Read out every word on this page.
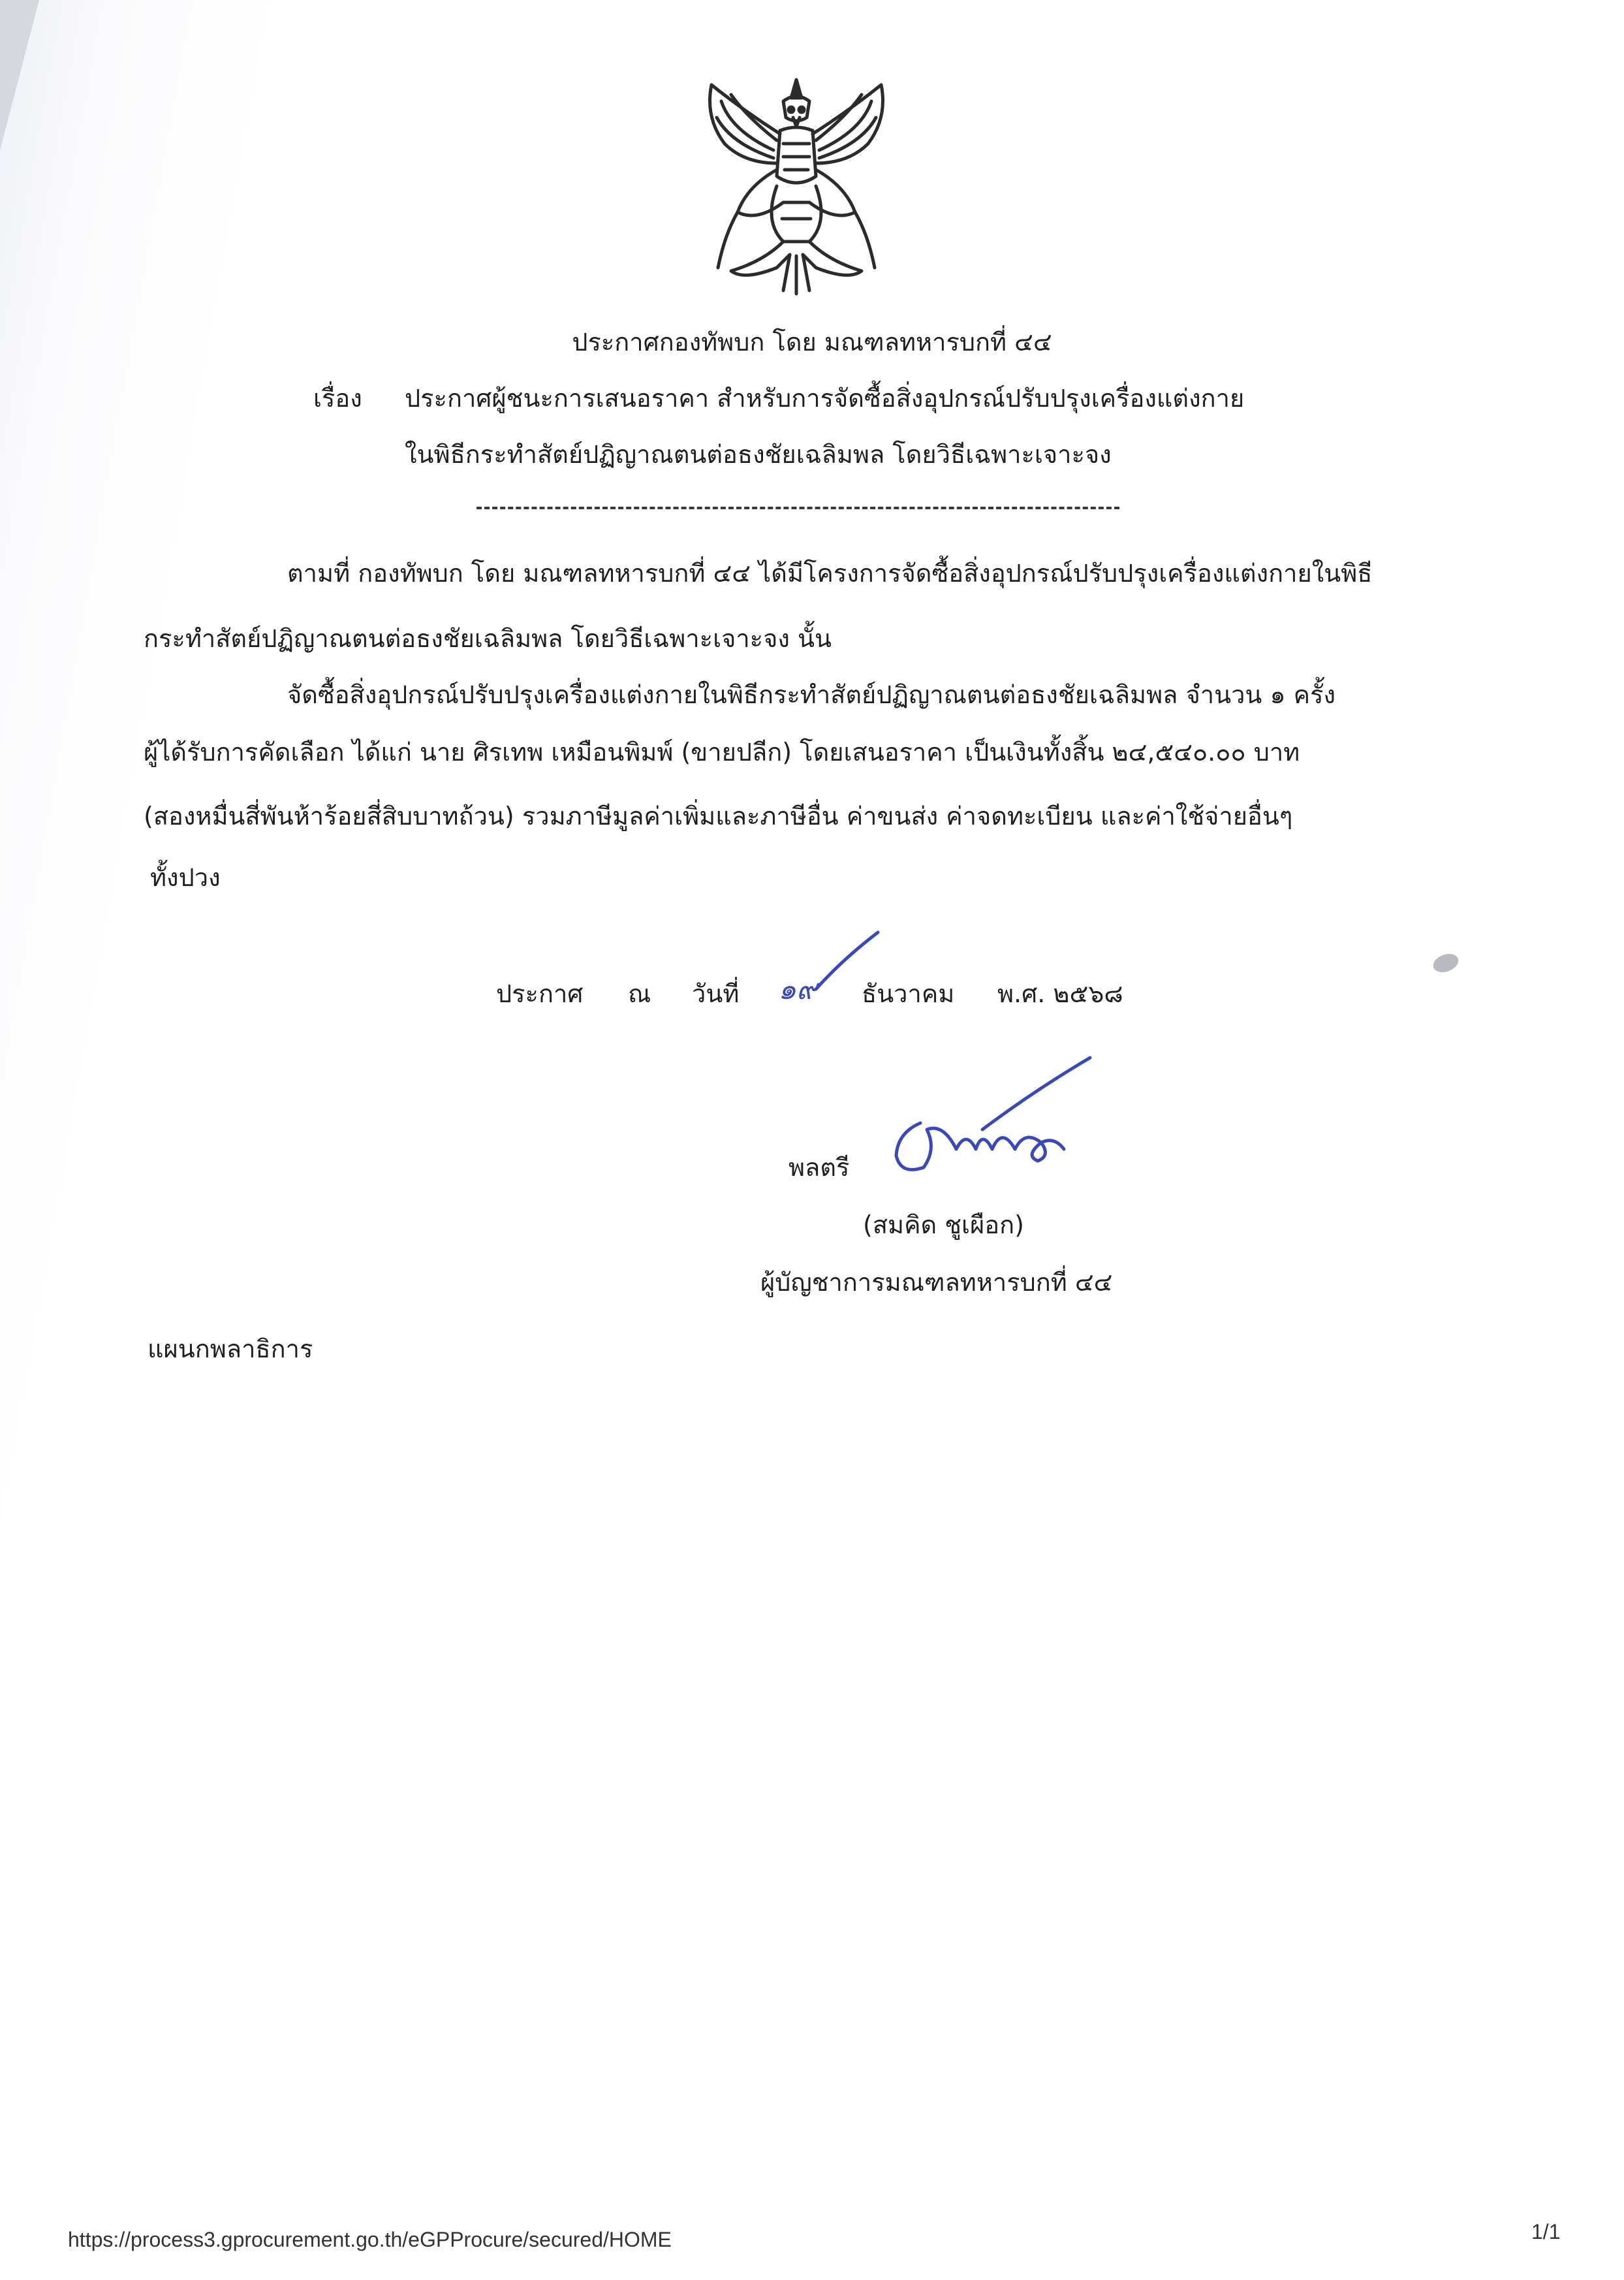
ประกาศกองทัพบก โดย มณฑลทหารบกที่ ๔๔
เรื่อง ประกาศผู้ชนะการเสนอราคา สำหรับการจัดซื้อสิ่งอุปกรณ์ปรับปรุงเครื่องแต่งกาย
ในพิธีกระทำสัตย์ปฏิญาณตนต่อธงชัยเฉลิมพล โดยวิธีเฉพาะเจาะจง
ตามที่ กองทัพบก โดย มณฑลทหารบกที่ ๔๔ ได้มีโครงการจัดซื้อสิ่งอุปกรณ์ปรับปรุงเครื่องแต่งกายในพิธี
กระทำสัตย์ปฏิญาณตนต่อธงชัยเฉลิมพล โดยวิธีเฉพาะเจาะจง นั้น
จัดซื้อสิ่งอุปกรณ์ปรับปรุงเครื่องแต่งกายในพิธีกระทำสัตย์ปฏิญาณตนต่อธงชัยเฉลิมพล จำนวน ๑ ครั้ง
ผู้ได้รับการคัดเลือก ได้แก่ นาย ศิรเทพ เหมือนพิมพ์ (ขายปลีก) โดยเสนอราคา เป็นเงินทั้งสิ้น ๒๔,๕๔๐.๐๐ บาท
(สองหมื่นสี่พันห้าร้อยสี่สิบบาทถ้วน) รวมภาษีมูลค่าเพิ่มและภาษีอื่น ค่าขนส่ง ค่าจดทะเบียน และค่าใช้จ่ายอื่นๆ
ทั้งปวง
ประกาศ ณ วันที่ ๑๙ ธันวาคม พ.ศ. ๒๕๖๘
พลตรี	สมคิด
(สมคิด ชูเผือก)
ผู้บัญชาการมณฑลทหารบกที่ ๔๔
แผนกพลาธิการ
https://process3.gprocurement.go.th/eGPProcure/secured/HOME	1/1
